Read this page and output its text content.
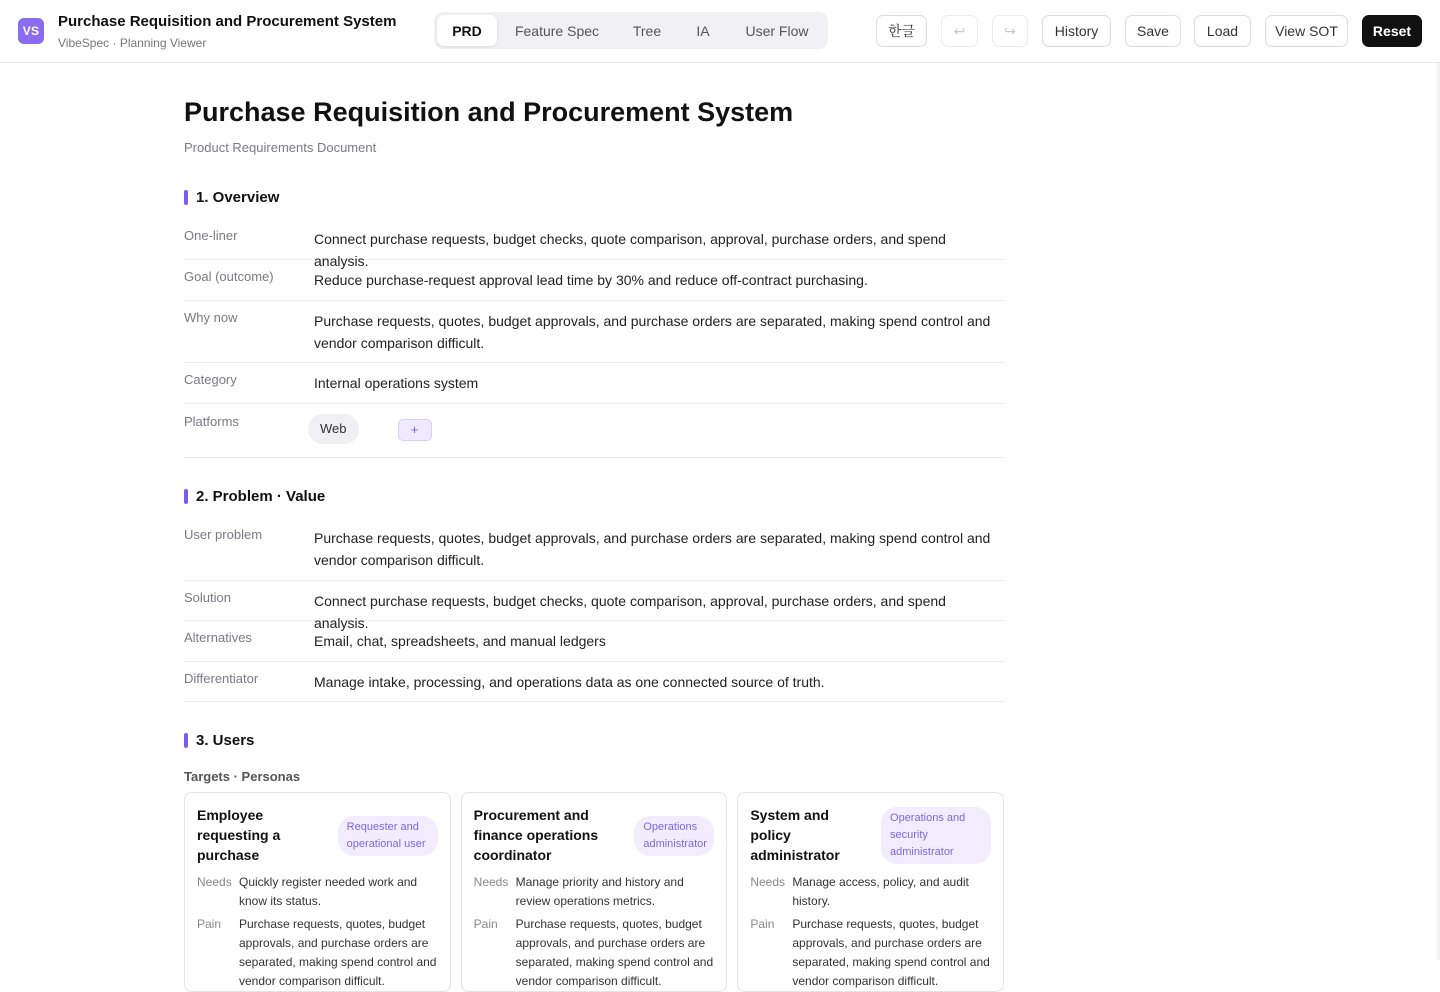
VS
Purchase Requisition and Procurement System
VibeSpec · Planning Viewer
PRD	Feature Spec	Tree	IA	User Flow	한글	↩	↪	History	Save	Load	View SOT	Reset
Purchase Requisition and Procurement System
Product Requirements Document
1. Overview
One-liner	Connect purchase requests, budget checks, quote comparison, approval, purchase orders, and spend analysis.
Goal (outcome)	Reduce purchase-request approval lead time by 30% and reduce off-contract purchasing.
Why now	Purchase requests, quotes, budget approvals, and purchase orders are separated, making spend control and vendor comparison difficult.
Category	Internal operations system
Platforms	Web	+
2. Problem · Value
User problem	Purchase requests, quotes, budget approvals, and purchase orders are separated, making spend control and vendor comparison difficult.
Solution	Connect purchase requests, budget checks, quote comparison, approval, purchase orders, and spend analysis.
Alternatives	Email, chat, spreadsheets, and manual ledgers
Differentiator	Manage intake, processing, and operations data as one connected source of truth.
3. Users
Targets · Personas
Employee requesting a purchase
Requester and operational user
Needs Quickly register needed work and know its status.
Pain	Purchase requests, quotes, budget approvals, and purchase orders are separated, making spend control and vendor comparison difficult.
Procurement and finance operations coordinator
Operations administrator
Needs Manage priority and history and review operations metrics.
Pain	Purchase requests, quotes, budget approvals, and purchase orders are separated, making spend control and vendor comparison difficult.
System and policy administrator
Operations and security administrator
Needs Manage access, policy, and audit history.
Pain	Purchase requests, quotes, budget approvals, and purchase orders are separated, making spend control and vendor comparison difficult.
